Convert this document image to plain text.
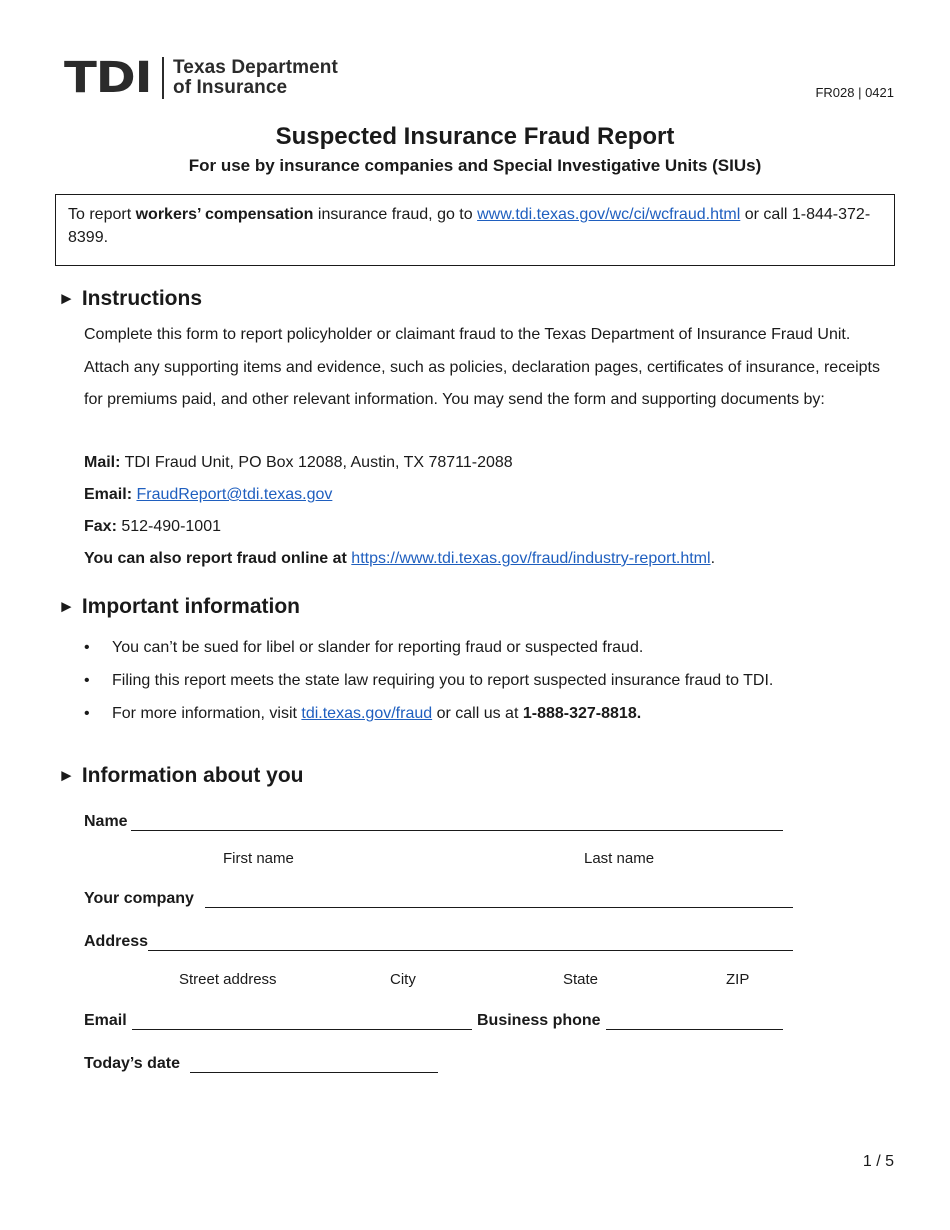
TDI	Texas Department
of Insurance	FR028 | 0421
Suspected Insurance Fraud Report
For use by insurance companies and Special Investigative Units (SIUs)
To report workers’ compensation insurance fraud, go to www.tdi.texas.gov/wc/ci/wcfraud.html or call 1-844-372-8399.
► Instructions
Complete this form to report policyholder or claimant fraud to the Texas Department of Insurance Fraud Unit. Attach any supporting items and evidence, such as policies, declaration pages, certificates of insurance, receipts for premiums paid, and other relevant information. You may send the form and supporting documents by:
Mail: TDI Fraud Unit, PO Box 12088, Austin, TX 78711-2088
Email: FraudReport@tdi.texas.gov
Fax: 512-490-1001
You can also report fraud online at https://www.tdi.texas.gov/fraud/industry-report.html.
► Important information
• You can’t be sued for libel or slander for reporting fraud or suspected fraud.
• Filing this report meets the state law requiring you to report suspected insurance fraud to TDI.
• For more information, visit tdi.texas.gov/fraud or call us at 1-888-327-8818.
► Information about you
Name
First name	Last name
Your company
Address
Street address	City	State	ZIP
Email	Business phone
Today’s date
1 / 5
